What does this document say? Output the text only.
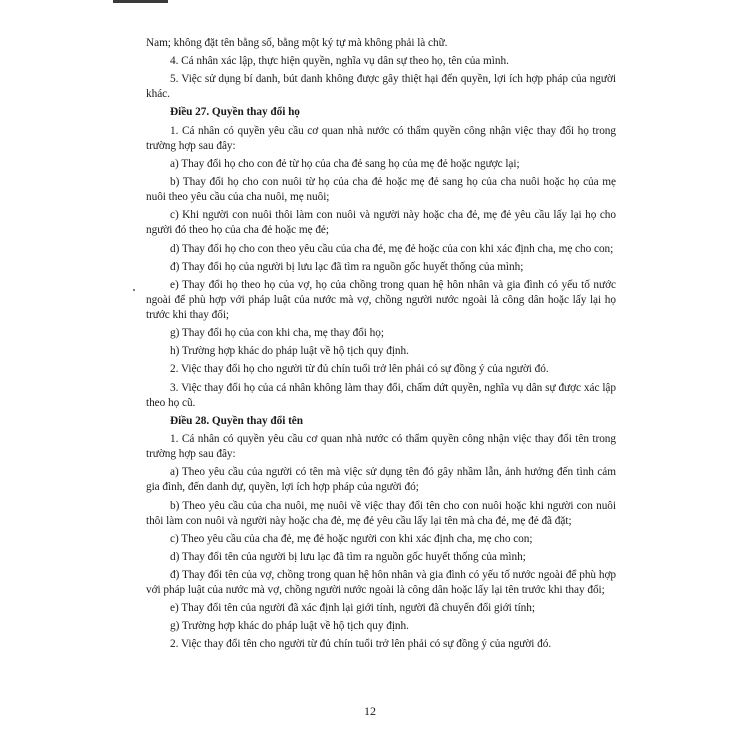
Nam; không đặt tên bằng số, bằng một ký tự mà không phải là chữ.

4. Cá nhân xác lập, thực hiện quyền, nghĩa vụ dân sự theo họ, tên của mình.

5. Việc sử dụng bí danh, bút danh không được gây thiệt hại đến quyền, lợi ích hợp pháp của người khác.

Điều 27. Quyền thay đổi họ

1. Cá nhân có quyền yêu cầu cơ quan nhà nước có thẩm quyền công nhận việc thay đổi họ trong trường hợp sau đây:

a) Thay đổi họ cho con đẻ từ họ của cha đẻ sang họ của mẹ đẻ hoặc ngược lại;

b) Thay đổi họ cho con nuôi từ họ của cha đẻ hoặc mẹ đẻ sang họ của cha nuôi hoặc họ của mẹ nuôi theo yêu cầu của cha nuôi, mẹ nuôi;

c) Khi người con nuôi thôi làm con nuôi và người này hoặc cha đẻ, mẹ đẻ yêu cầu lấy lại họ cho người đó theo họ của cha đẻ hoặc mẹ đẻ;

d) Thay đổi họ cho con theo yêu cầu của cha đẻ, mẹ đẻ hoặc của con khi xác định cha, mẹ cho con;

đ) Thay đổi họ của người bị lưu lạc đã tìm ra nguồn gốc huyết thống của mình;

e) Thay đổi họ theo họ của vợ, họ của chồng trong quan hệ hôn nhân và gia đình có yếu tố nước ngoài để phù hợp với pháp luật của nước mà vợ, chồng người nước ngoài là công dân hoặc lấy lại họ trước khi thay đổi;

g) Thay đổi họ của con khi cha, mẹ thay đổi họ;

h) Trường hợp khác do pháp luật về hộ tịch quy định.

2. Việc thay đổi họ cho người từ đủ chín tuổi trở lên phải có sự đồng ý của người đó.

3. Việc thay đổi họ của cá nhân không làm thay đổi, chấm dứt quyền, nghĩa vụ dân sự được xác lập theo họ cũ.

Điều 28. Quyền thay đổi tên

1. Cá nhân có quyền yêu cầu cơ quan nhà nước có thẩm quyền công nhận việc thay đổi tên trong trường hợp sau đây:

a) Theo yêu cầu của người có tên mà việc sử dụng tên đó gây nhầm lẫn, ảnh hưởng đến tình cảm gia đình, đến danh dự, quyền, lợi ích hợp pháp của người đó;

b) Theo yêu cầu của cha nuôi, mẹ nuôi về việc thay đổi tên cho con nuôi hoặc khi người con nuôi thôi làm con nuôi và người này hoặc cha đẻ, mẹ đẻ yêu cầu lấy lại tên mà cha đẻ, mẹ đẻ đã đặt;

c) Theo yêu cầu của cha đẻ, mẹ đẻ hoặc người con khi xác định cha, mẹ cho con;

d) Thay đổi tên của người bị lưu lạc đã tìm ra nguồn gốc huyết thống của mình;

đ) Thay đổi tên của vợ, chồng trong quan hệ hôn nhân và gia đình có yếu tố nước ngoài để phù hợp với pháp luật của nước mà vợ, chồng người nước ngoài là công dân hoặc lấy lại tên trước khi thay đổi;

e) Thay đổi tên của người đã xác định lại giới tính, người đã chuyển đổi giới tính;

g) Trường hợp khác do pháp luật về hộ tịch quy định.

2. Việc thay đổi tên cho người từ đủ chín tuổi trở lên phải có sự đồng ý của người đó.

12
